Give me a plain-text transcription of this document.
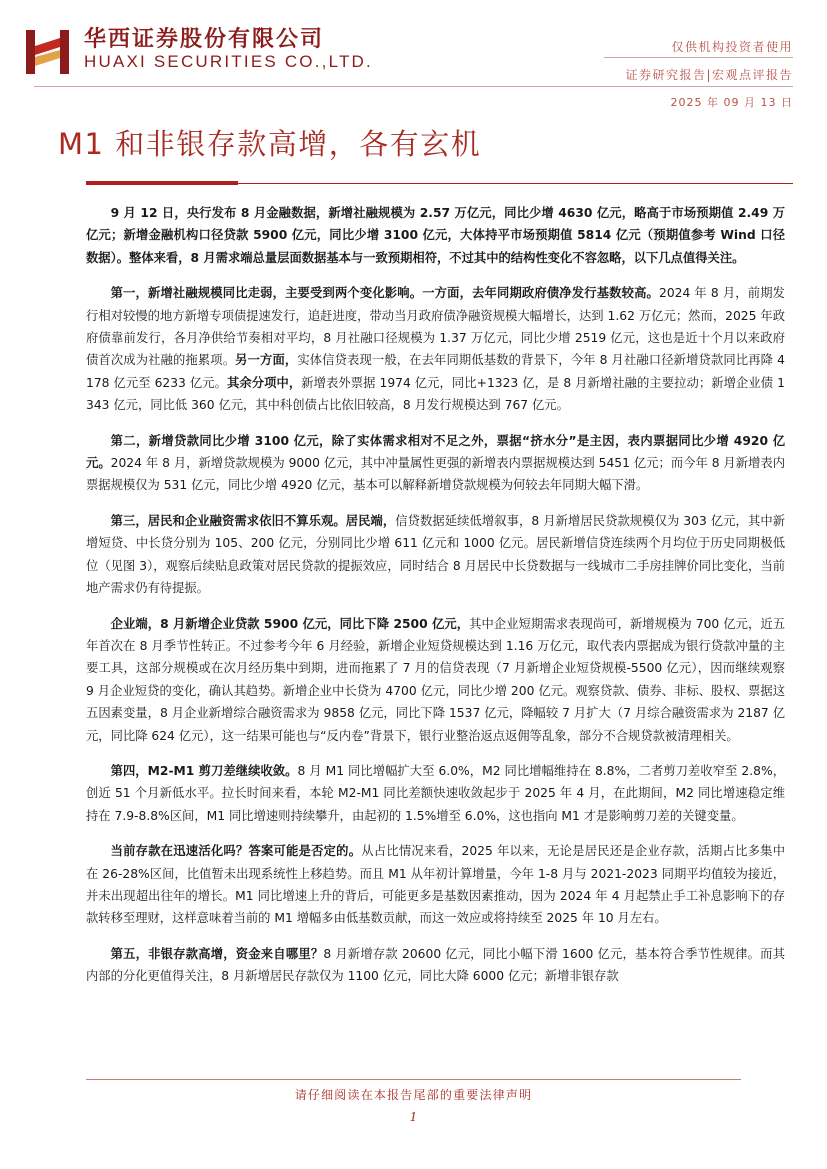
华西证券股份有限公司
HUAXI SECURITIES CO.,LTD.
仅供机构投资者使用
证券研究报告|宏观点评报告
2025 年 09 月 13 日
M1 和非银存款高增，各有玄机

9 月 12 日，央行发布 8 月金融数据，新增社融规模为 2.57 万亿元，同比少增 4630 亿元，略高于市场预期值 2.49 万亿元；新增金融机构口径贷款 5900 亿元，同比少增 3100 亿元，大体持平市场预期值 5814 亿元（预期值参考 Wind 口径数据）。整体来看，8 月需求端总量层面数据基本与一致预期相符，不过其中的结构性变化不容忽略，以下几点值得关注。

第一，新增社融规模同比走弱，主要受到两个变化影响。一方面，去年同期政府债净发行基数较高。2024 年 8 月，前期发行相对较慢的地方新增专项债提速发行，追赶进度，带动当月政府债净融资规模大幅增长，达到 1.62 万亿元；然而，2025 年政府债靠前发行，各月净供给节奏相对平均，8 月社融口径规模为 1.37 万亿元，同比少增 2519 亿元，这也是近十个月以来政府债首次成为社融的拖累项。另一方面，实体信贷表现一般，在去年同期低基数的背景下，今年 8 月社融口径新增贷款同比再降 4178 亿元至 6233 亿元。其余分项中，新增表外票据 1974 亿元，同比+1323 亿，是 8 月新增社融的主要拉动；新增企业债 1343 亿元，同比低 360 亿元，其中科创债占比依旧较高，8 月发行规模达到 767 亿元。

第二，新增贷款同比少增 3100 亿元，除了实体需求相对不足之外，票据“挤水分”是主因，表内票据同比少增 4920 亿元。2024 年 8 月，新增贷款规模为 9000 亿元，其中冲量属性更强的新增表内票据规模达到 5451 亿元；而今年 8 月新增表内票据规模仅为 531 亿元，同比少增 4920 亿元，基本可以解释新增贷款规模为何较去年同期大幅下滑。

第三，居民和企业融资需求依旧不算乐观。居民端，信贷数据延续低增叙事，8 月新增居民贷款规模仅为 303 亿元，其中新增短贷、中长贷分别为 105、200 亿元，分别同比少增 611 亿元和 1000 亿元。居民新增信贷连续两个月均位于历史同期极低位（见图 3），观察后续贴息政策对居民贷款的提振效应，同时结合 8 月居民中长贷数据与一线城市二手房挂牌价同比变化，当前地产需求仍有待提振。

企业端，8 月新增企业贷款 5900 亿元，同比下降 2500 亿元，其中企业短期需求表现尚可，新增规模为 700 亿元，近五年首次在 8 月季节性转正。不过参考今年 6 月经验，新增企业短贷规模达到 1.16 万亿元，取代表内票据成为银行贷款冲量的主要工具，这部分规模或在次月经历集中到期，进而拖累了 7 月的信贷表现（7 月新增企业短贷规模-5500 亿元），因而继续观察 9 月企业短贷的变化，确认其趋势。新增企业中长贷为 4700 亿元，同比少增 200 亿元。观察贷款、债券、非标、股权、票据这五因素变量，8 月企业新增综合融资需求为 9858 亿元，同比下降 1537 亿元，降幅较 7 月扩大（7 月综合融资需求为 2187 亿元，同比降 624 亿元），这一结果可能也与“反内卷”背景下，银行业整治返点返佣等乱象，部分不合规贷款被清理相关。

第四，M2-M1 剪刀差继续收敛。8 月 M1 同比增幅扩大至 6.0%，M2 同比增幅维持在 8.8%，二者剪刀差收窄至 2.8%，创近 51 个月新低水平。拉长时间来看，本轮 M2-M1 同比差额快速收敛起步于 2025 年 4 月，在此期间，M2 同比增速稳定维持在 7.9-8.8%区间，M1 同比增速则持续攀升，由起初的 1.5%增至 6.0%，这也指向 M1 才是影响剪刀差的关键变量。

当前存款在迅速活化吗？答案可能是否定的。从占比情况来看，2025 年以来，无论是居民还是企业存款，活期占比多集中在 26-28%区间，比值暂未出现系统性上移趋势。而且 M1 从年初计算增量，今年 1-8 月与 2021-2023 同期平均值较为接近，并未出现超出往年的增长。M1 同比增速上升的背后，可能更多是基数因素推动，因为 2024 年 4 月起禁止手工补息影响下的存款转移至理财，这样意味着当前的 M1 增幅多由低基数贡献，而这一效应或将持续至 2025 年 10 月左右。

第五，非银存款高增，资金来自哪里？8 月新增存款 20600 亿元，同比小幅下滑 1600 亿元，基本符合季节性规律。而其内部的分化更值得关注，8 月新增居民存款仅为 1100 亿元，同比大降 6000 亿元；新增非银存款

请仔细阅读在本报告尾部的重要法律声明
1
